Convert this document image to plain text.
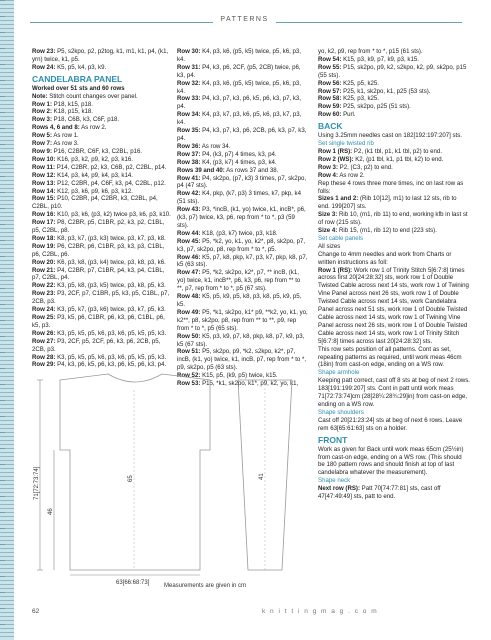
PATTERNS

Row 23: P5, s2kpo, p2, p2tog, k1, m1, k1, p4, (k1, yrn) twice, k1, p5.

Row 24: K5, p5, k4, p3, k9.

CANDELABRA PANEL

Worked over 51 sts and 60 rows

Note: Stitch count changes over panel.

Row 1: P18, k15, p18.

Row 2: K18, p15, k18.

Row 3: P18, C6B, k3, C6F, p18.

Rows 4, 6 and 8: As row 2.

Row 5: As row 1.

Row 7: As row 3.

Row 9: P16, C2BR, C6F, k3, C2BL, p16.

Row 10: K16, p3, k2, p9, k2, p3, k16.

Row 11: P14, C2BR, p2, k3, C6B, p2, C2BL, p14.

Row 12: K14, p3, k4, p9, k4, p3, k14.

Row 13: P12, C2BR, p4, C6F, k3, p4, C2BL, p12.

Row 14: K12, p3, k6, p9, k6, p3, k12.

Row 15: P10, C2BR, p4, C2BR, k3, C2BL, p4, C2BL, p10.

Row 16: K10, p3, k6, (p3, k2) twice p3, k6, p3, k10.

Row 17: P8, C2BR, p5, C1BR, p2, k3, p2, C1BL, p5, C2BL, p8.

Row 18: K8, p3, k7, (p3, k3) twice, p3, k7, p3, k8.

Row 19: P6, C2BR, p6, C1BR, p3, k3, p3, C1BL, p6, C2BL, p6.

Row 20: K6, p3, k8, (p3, k4) twice, p3, k8, p3, k6.

Row 21: P4, C2BR, p7, C1BR, p4, k3, p4, C1BL, p7, C2BL, p4.

Row 22: K3, p5, k8, (p3, k5) twice, p3, k8, p5, k3.

Row 23: P3, 2CF, p7, C1BR, p5, k3, p5, C1BL, p7, 2CB, p3.

Row 24: K3, p5, k7, (p3, k6) twice, p3, k7, p5, k3.

Row 25: P3, k5, p6, C1BR, p6, k3, p6, C1BL, p6, k5, p3.

Row 26: K3, p5, k5, p5, k6, p3, k6, p5, k5, p5, k3.

Row 27: P3, 2CF, p5, 2CF, p6, k3, p6, 2CB, p5, 2CB, p3.

Row 28: K3, p5, k5, p5, k6, p3, k6, p5, k5, p5, k3.

Row 29: P4, k3, p6, k5, p6, k3, p6, k5, p6, k3, p4.

Row 30: K4, p3, k6, (p5, k5) twice, p5, k6, p3, k4.

Row 31: P4, k3, p6, 2CF, (p5, 2CB) twice, p6, k3, p4.

Row 32: K4, p3, k6, (p5, k5) twice, p5, k6, p3, k4.

Row 33: P4, k3, p7, k3, p6, k5, p6, k3, p7, k3, p4.

Row 34: K4, p3, k7, p3, k6, p5, k6, p3, k7, p3, k4.

Row 35: P4, k3, p7, k3, p6, 2CB, p6, k3, p7, k3, p4.

Row 36: As row 34.

Row 37: P4, (k3, p7) 4 times, k3, p4.

Row 38: K4, (p3, k7) 4 times, p3, k4.

Rows 39 and 40: As rows 37 and 38.

Row 41: P4, sk2po, (p7, k3) 3 times, p7, sk2po, p4 (47 sts).

Row 42: K4, pkp, (k7, p3) 3 times, k7, pkp, k4 (51 sts).

Row 43: P3, *incB, (k1, yo) twice, k1, incB*, p6, (k3, p7) twice, k3, p6, rep from * to *, p3 (59 sts).

Row 44: K18, (p3, k7) twice, p3, k18.

Row 45: P5, *k2, yo, k1, yo, k2*, p8, sk2po, p7, k3, p7, sk2po, p8, rep from * to *, p5.

Row 46: K5, p7, k8, pkp, k7, p3, k7, pkp, k8, p7, k5 (63 sts).

Row 47: P5, *k2, sk2po, k2*, p7, ** incB, (k1, yo) twice, k1, incB**, p6, k3, p6, rep from ** to **, p7, rep from * to *, p5 (67 sts).

Row 48: K5, p5, k9, p5, k8, p3, k8, p5, k9, p5, k5.

Row 49: P5, *k1, sk2po, k1* p9, **k2, yo, k1, yo, k2**, p8, sk2po, p8, rep from ** to **, p9, rep from * to *, p5 (65 sts).

Row 50: K5, p3, k9, p7, k8, pkp, k8, p7, k9, p3, k5 (67 sts).

Row 51: P5, sk2po, p9, *k2, s2kpo, k2*, p7, incB, (k1, yo) twice, k1, incB, p7, rep from * to *, p9, sk2po, p5 (63 sts).

Row 52: K15, p5, (k9, p5) twice, k15.

Row 53: P15, *k1, sk2po, k1*, p9, k2, yo, k1,

yo, k2, p9, rep from * to *, p15 (61 sts).

Row 54: K15, p3, k9, p7, k9, p3, k15.

Row 55: P15, sk2po, p9, k2, s2kpo, k2, p9, sk2po, p15 (55 sts).

Row 56: K25, p5, k25.

Row 57: P25, k1, sk2po, k1, p25 (53 sts).

Row 58: K25, p3, k25.

Row 59: P25, sk2po, p25 (51 sts).

Row 60: Purl.

BACK

Using 3.25mm needles cast on 182[192:197:207] sts.

Set single twisted rib

Row 1 (RS): P2, (k1 tbl, p1, k1 tbl, p2) to end.

Row 2 (WS): K2, (p1 tbl, k1, p1 tbl, k2) to end.

Row 3: P2, (C3, p2) to end.

Row 4: As row 2.

Rep these 4 rows three more times, inc on last row as folls:

Sizes 1 and 2: (Rib 10[12], m1) to last 12 sts, rib to end. 199[207] sts.

Size 3: Rib 10, (m1, rib 11) to end, working kfb in last st of row (215 sts).

Size 4: Rib 15, (m1, rib 12) to end (223 sts).

Set cable panels

All sizes

Change to 4mm needles and work from Charts or written instructions as foll:

Row 1 (RS): Work row 1 of Trinity Stitch 5[6:7:8] times across first 20[24:28:32] sts, work row 1 of Double Twisted Cable across next 14 sts, work row 1 of Twining Vine Panel across next 26 sts, work row 1 of Double Twisted Cable across next 14 sts, work Candelabra Panel across next 51 sts, work row 1 of Double Twisted Cable across next 14 sts, work row 1 of Twining Vine Panel across next 26 sts, work row 1 of Double Twisted Cable across next 14 sts, work row 1 of Trinity Stitch 5[6:7:8] times across last 20[24:28:32] sts.

This row sets position of all patterns. Cont as set, repeating patterns as required, until work meas 46cm (18in) from cast-on edge, ending on a WS row.

Shape armhole

Keeping patt correct, cast off 8 sts at beg of next 2 rows. 183[191:199:207] sts. Cont in patt until work meas 71[72:73:74]cm (28[28¼:28¾:29]in) from cast-on edge, ending on a WS row.

Shape shoulders

Cast off 20[21:23:24] sts at beg of next 6 rows. Leave rem 63[65:61:63] sts on a holder.

FRONT

Work as given for Back until work meas 65cm (25½in) from cast-on edge, ending on a WS row. (This should be 180 pattern rows and should finish at top of last candelabra whatever the measurement).

Shape neck

Next row (RS): Patt 70[74:77:81] sts, cast off 47[47:49:49] sts, patt to end.

71[72:73:74]
46
65
63[66:68:73]
41
Measurements are given in cm
62	k n i t t i n g m a g . c o m
